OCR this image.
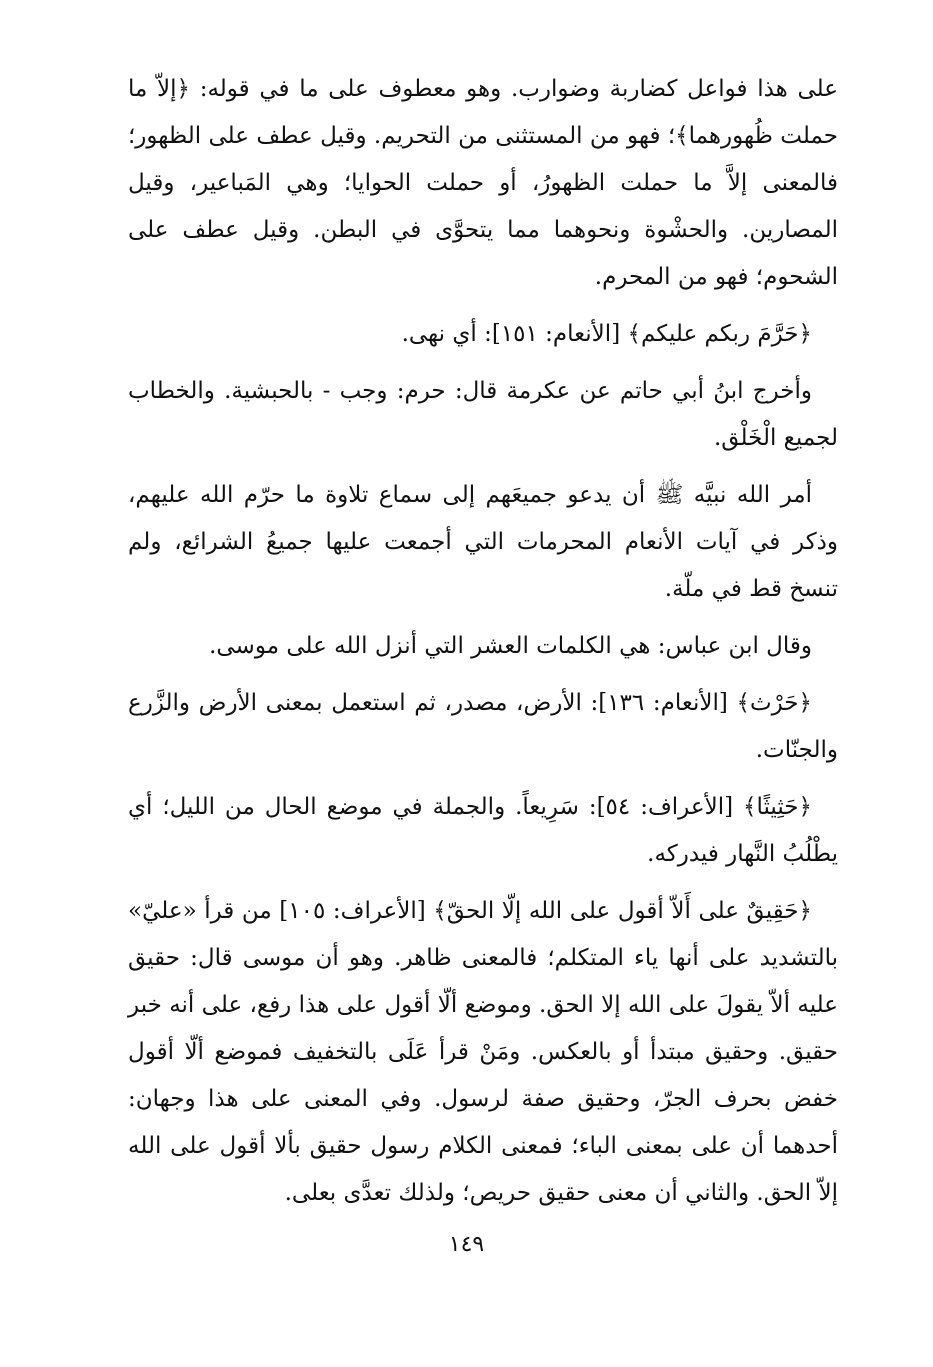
على هذا فواعل كضاربة وضوارب. وهو معطوف على ما في قوله: ﴿إلاّ ما حملت ظُهورهما﴾؛ فهو من المستثنى من التحريم. وقيل عطف على الظهور؛ فالمعنى إلاَّ ما حملت الظهورُ، أو حملت الحوايا؛ وهي المَباعير، وقيل المصارين. والحشْوة ونحوهما مما يتحوَّى في البطن. وقيل عطف على الشحوم؛ فهو من المحرم.

﴿حَرَّمَ ربكم عليكم﴾ [الأنعام: ١٥١]: أي نهى.

وأخرج ابنُ أبي حاتم عن عكرمة قال: حرم: وجب - بالحبشية. والخطاب لجميع الْخَلْق.

أمر الله نبيَّه ﷺ أن يدعو جميعَهم إلى سماع تلاوة ما حرّم الله عليهم، وذكر في آيات الأنعام المحرمات التي أجمعت عليها جميعُ الشرائع، ولم تنسخ قط في ملّة.

وقال ابن عباس: هي الكلمات العشر التي أنزل الله على موسى.

﴿حَرْث﴾ [الأنعام: ١٣٦]: الأرض، مصدر، ثم استعمل بمعنى الأرض والزَّرع والجنّات.

﴿حَثِيثًا﴾ [الأعراف: ٥٤]: سَرِيعاً. والجملة في موضع الحال من الليل؛ أي يطْلُبُ النَّهار فيدركه.

﴿حَقِيقٌ على أَلاّ أقول على الله إلّا الحقّ﴾ [الأعراف: ١٠٥] من قرأ «عليّ» بالتشديد على أنها ياء المتكلم؛ فالمعنى ظاهر. وهو أن موسى قال: حقيق عليه ألاّ يقولَ على الله إلا الحق. وموضع ألّا أقول على هذا رفع، على أنه خبر حقيق. وحقيق مبتدأ أو بالعكس. ومَنْ قرأ عَلَى بالتخفيف فموضع ألّا أقول خفض بحرف الجرّ، وحقيق صفة لرسول. وفي المعنى على هذا وجهان: أحدهما أن على بمعنى الباء؛ فمعنى الكلام رسول حقيق بألا أقول على الله إلاّ الحق. والثاني أن معنى حقيق حريص؛ ولذلك تعدَّى بعلى.

١٤٩
